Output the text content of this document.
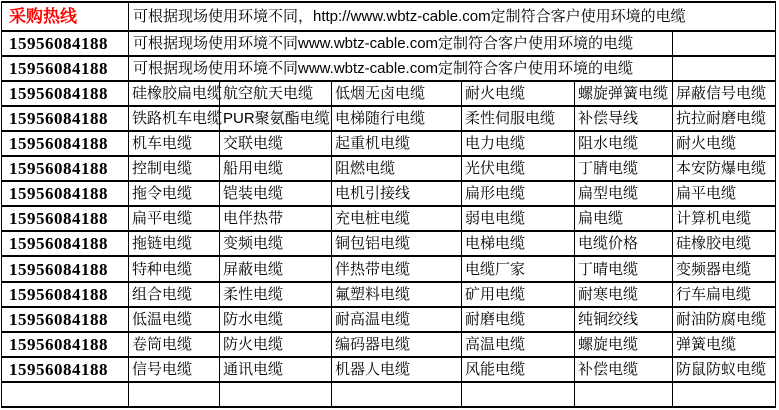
采购热线	可根据现场使用环境不同，http://www.wbtz-cable.com定制符合客户使用环境的电缆					
15956084188	可根据现场使用环境不同www.wbtz-cable.com定制符合客户使用环境的电缆					
15956084188	可根据现场使用环境不同www.wbtz-cable.com定制符合客户使用环境的电缆					
15956084188	硅橡胶扁电缆	航空航天电缆	低烟无卤电缆	耐火电缆	螺旋弹簧电缆	屏蔽信号电缆
15956084188	铁路机车电缆	PUR聚氨酯电缆	电梯随行电缆	柔性伺服电缆	补偿导线	抗拉耐磨电缆
15956084188	机车电缆	交联电缆	起重机电缆	电力电缆	阻水电缆	耐火电缆
15956084188	控制电缆	船用电缆	阻燃电缆	光伏电缆	丁腈电缆	本安防爆电缆
15956084188	拖令电缆	铠装电缆	电机引接线	扁形电缆	扁型电缆	扁平电缆
15956084188	扁平电缆	电伴热带	充电桩电缆	弱电电缆	扁电缆	计算机电缆
15956084188	拖链电缆	变频电缆	铜包铝电缆	电梯电缆	电缆价格	硅橡胶电缆
15956084188	特种电缆	屏蔽电缆	伴热带电缆	电缆厂家	丁晴电缆	变频器电缆
15956084188	组合电缆	柔性电缆	氟塑料电缆	矿用电缆	耐寒电缆	行车扁电缆
15956084188	低温电缆	防水电缆	耐高温电缆	耐磨电缆	纯铜绞线	耐油防腐电缆
15956084188	卷筒电缆	防火电缆	编码器电缆	高温电缆	螺旋电缆	弹簧电缆
15956084188	信号电缆	通讯电缆	机器人电缆	风能电缆	补偿电缆	防鼠防蚁电缆
